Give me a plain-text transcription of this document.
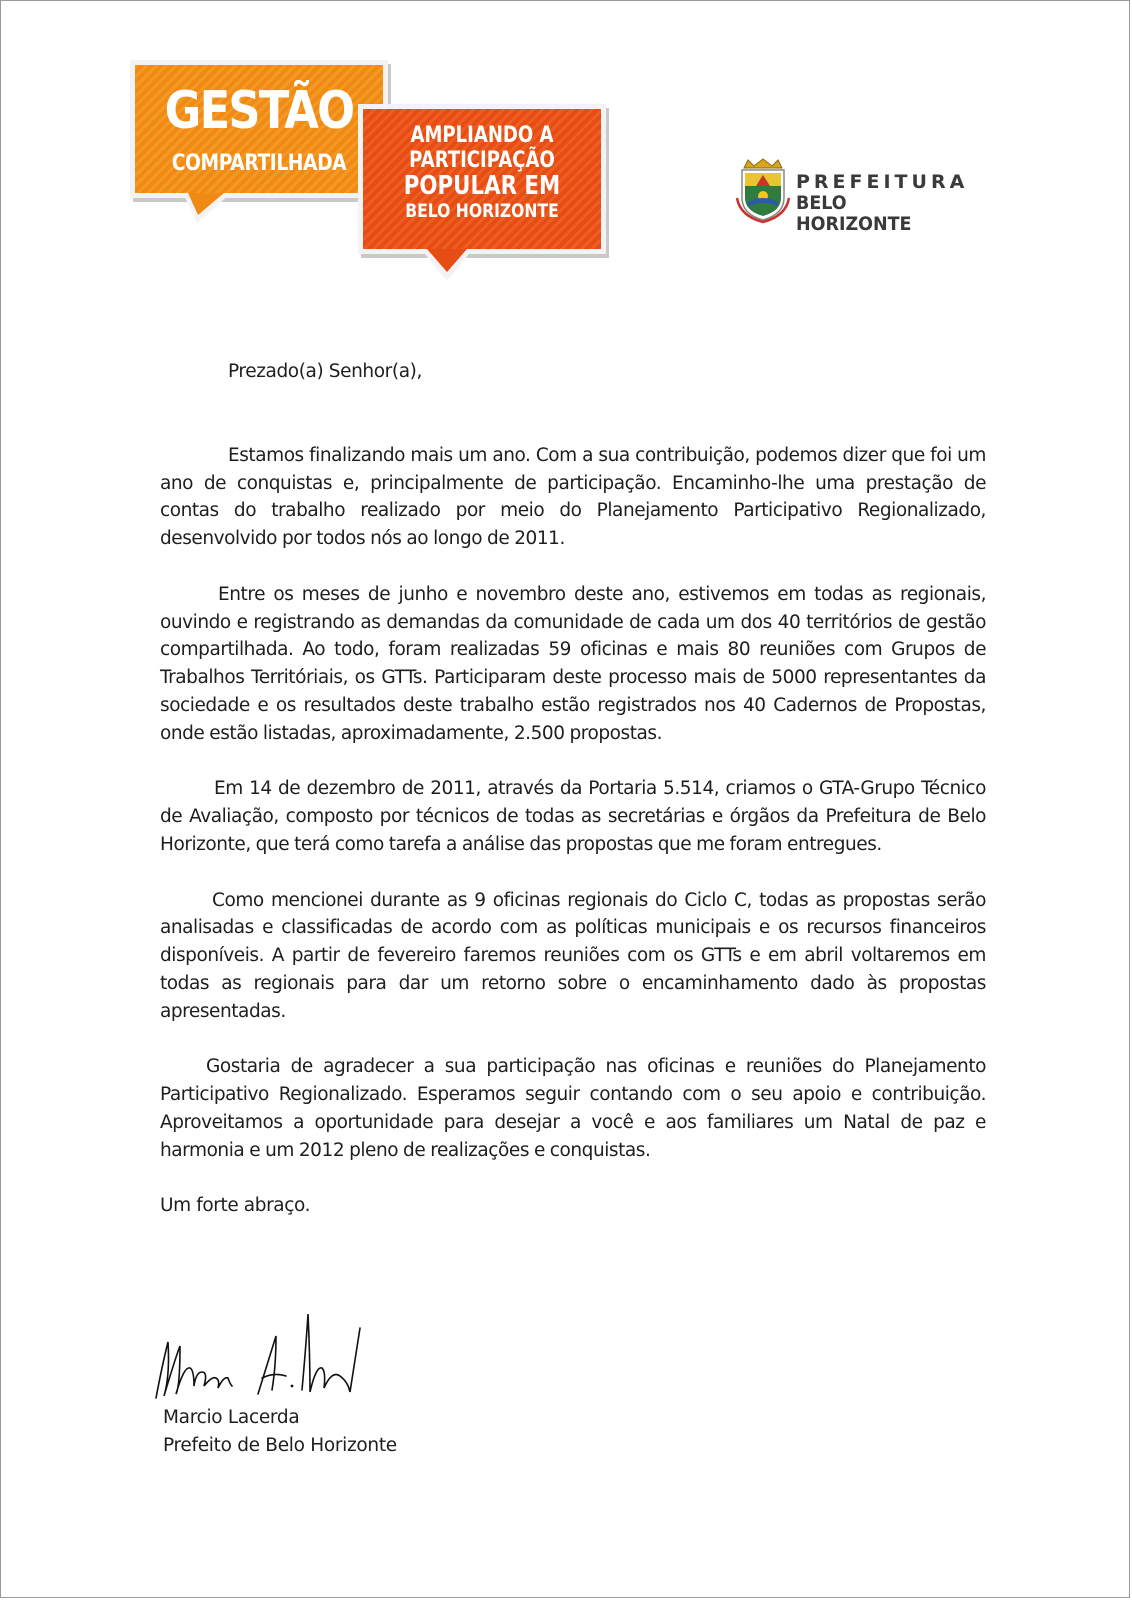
GESTÃO
COMPARTILHADA
AMPLIANDO A
PARTICIPAÇÃO
POPULAR EM
BELO HORIZONTE
PREFEITURA
BELO HORIZONTE

Prezado(a) Senhor(a),

Estamos finalizando mais um ano. Com a sua contribuição, podemos dizer que foi um ano de conquistas e, principalmente de participação. Encaminho-lhe uma prestação de contas do trabalho realizado por meio do Planejamento Participativo Regionalizado, desenvolvido por todos nós ao longo de 2011.

Entre os meses de junho e novembro deste ano, estivemos em todas as regionais, ouvindo e registrando as demandas da comunidade de cada um dos 40 territórios de gestão compartilhada. Ao todo, foram realizadas 59 oficinas e mais 80 reuniões com Grupos de Trabalhos Territóriais, os GTTs. Participaram deste processo mais de 5000 representantes da sociedade e os resultados deste trabalho estão registrados nos 40 Cadernos de Propostas, onde estão listadas, aproximadamente, 2.500 propostas.

Em 14 de dezembro de 2011, através da Portaria 5.514, criamos o GTA-Grupo Técnico de Avaliação, composto por técnicos de todas as secretárias e órgãos da Prefeitura de Belo Horizonte, que terá como tarefa a análise das propostas que me foram entregues.

Como mencionei durante as 9 oficinas regionais do Ciclo C, todas as propostas serão analisadas e classificadas de acordo com as políticas municipais e os recursos financeiros disponíveis. A partir de fevereiro faremos reuniões com os GTTs e em abril voltaremos em todas as regionais para dar um retorno sobre o encaminhamento dado às propostas apresentadas.

Gostaria de agradecer a sua participação nas oficinas e reuniões do Planejamento Participativo Regionalizado. Esperamos seguir contando com o seu apoio e contribuição. Aproveitamos a oportunidade para desejar a você e aos familiares um Natal de paz e harmonia e um 2012 pleno de realizações e conquistas.

Um forte abraço.

Marcio Lacerda
Prefeito de Belo Horizonte
